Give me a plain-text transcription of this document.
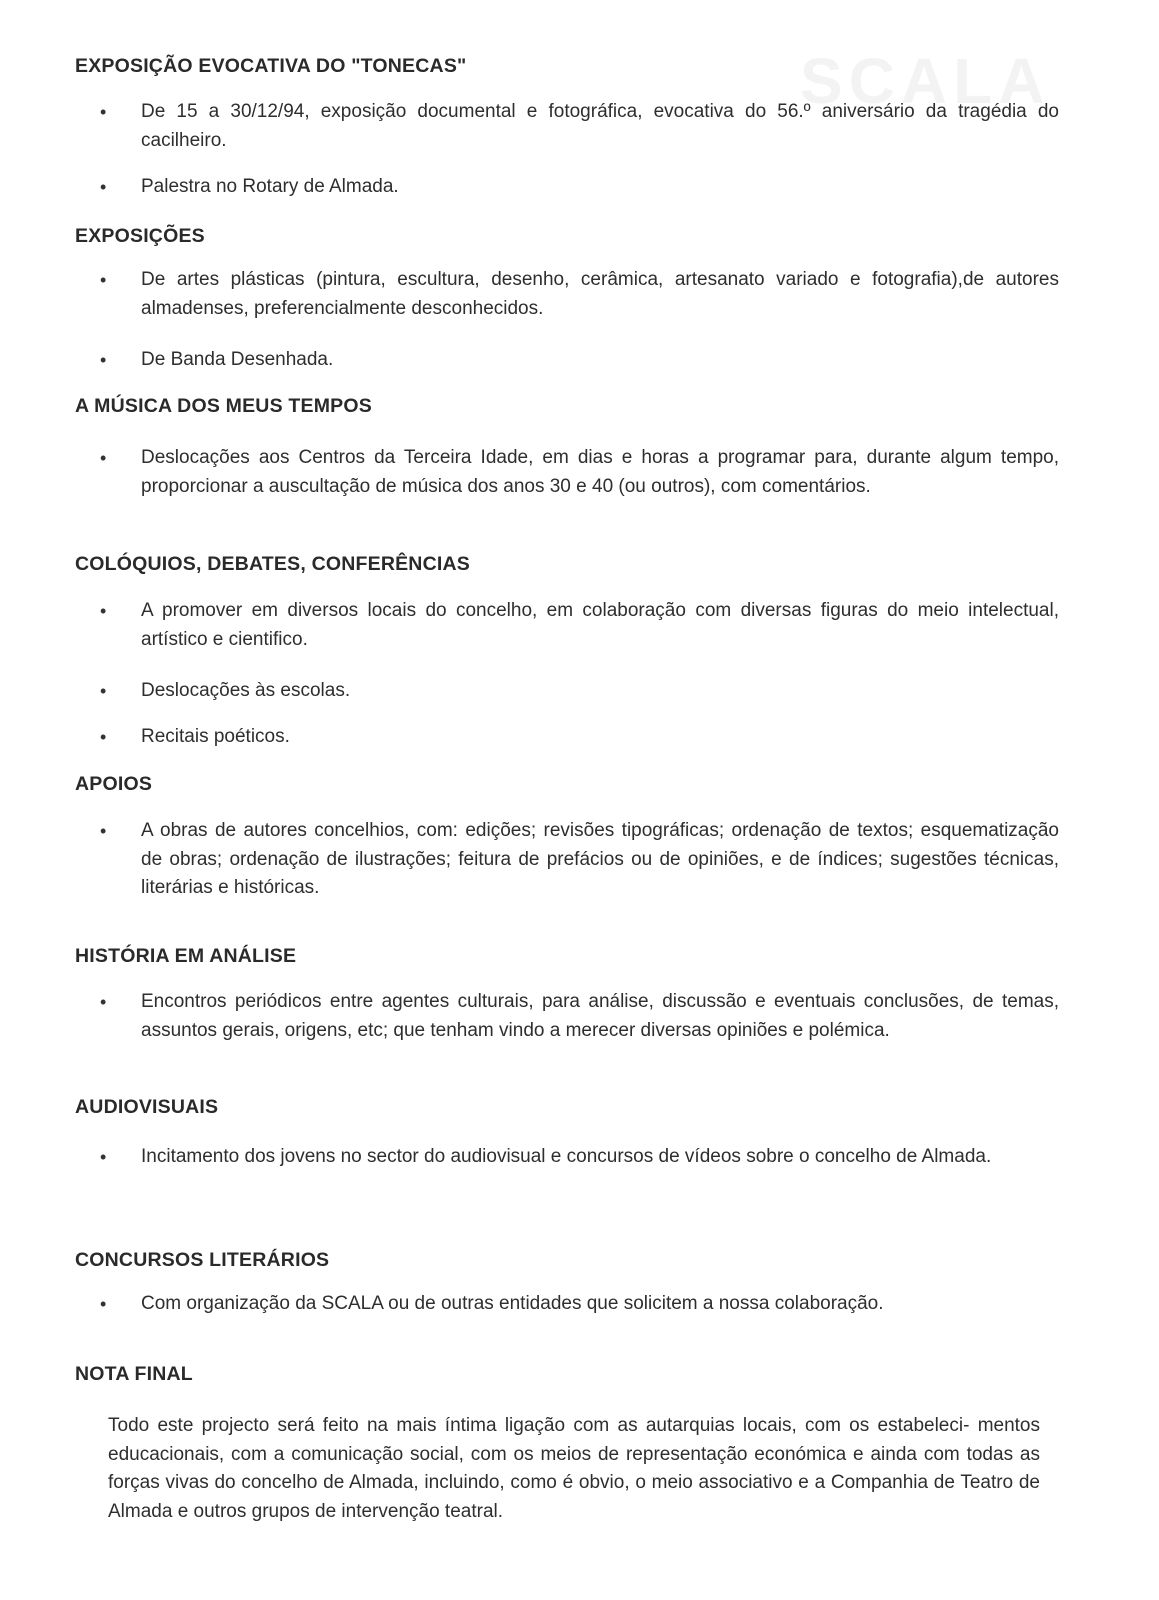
SCALA
EXPOSIÇÃO EVOCATIVA DO "TONECAS"
• De 15 a 30/12/94, exposição documental e fotográfica, evocativa do 56.º aniversário da tragédia do cacilheiro.
• Palestra no Rotary de Almada.
EXPOSIÇÕES
• De artes plásticas (pintura, escultura, desenho, cerâmica, artesanato variado e fotografia),de autores almadenses, preferencialmente desconhecidos.
• De Banda Desenhada.
A MÚSICA DOS MEUS TEMPOS
• Deslocações aos Centros da Terceira Idade, em dias e horas a programar para, durante algum tempo, proporcionar a auscultação de música dos anos 30 e 40 (ou outros), com comentários.
COLÓQUIOS, DEBATES, CONFERÊNCIAS
• A promover em diversos locais do concelho, em colaboração com diversas figuras do meio intelectual, artístico e cientifico.
• Deslocações às escolas.
• Recitais poéticos.
APOIOS
• A obras de autores concelhios, com: edições; revisões tipográficas; ordenação de textos; esquematização de obras; ordenação de ilustrações; feitura de prefácios ou de opiniões, e de índices; sugestões técnicas, literárias e históricas.
HISTÓRIA EM ANÁLISE
• Encontros periódicos entre agentes culturais, para análise, discussão e eventuais conclusões, de temas, assuntos gerais, origens, etc; que tenham vindo a merecer diversas opiniões e polémica.
AUDIOVISUAIS
• Incitamento dos jovens no sector do audiovisual e concursos de vídeos sobre o concelho de Almada.
CONCURSOS LITERÁRIOS
• Com organização da SCALA ou de outras entidades que solicitem a nossa colaboração.
NOTA FINAL
Todo este projecto será feito na mais íntima ligação com as autarquias locais, com os estabeleci- mentos educacionais, com a comunicação social, com os meios de representação económica e ainda com todas as forças vivas do concelho de Almada, incluindo, como é obvio, o meio associativo e a Companhia de Teatro de Almada e outros grupos de intervenção teatral.
